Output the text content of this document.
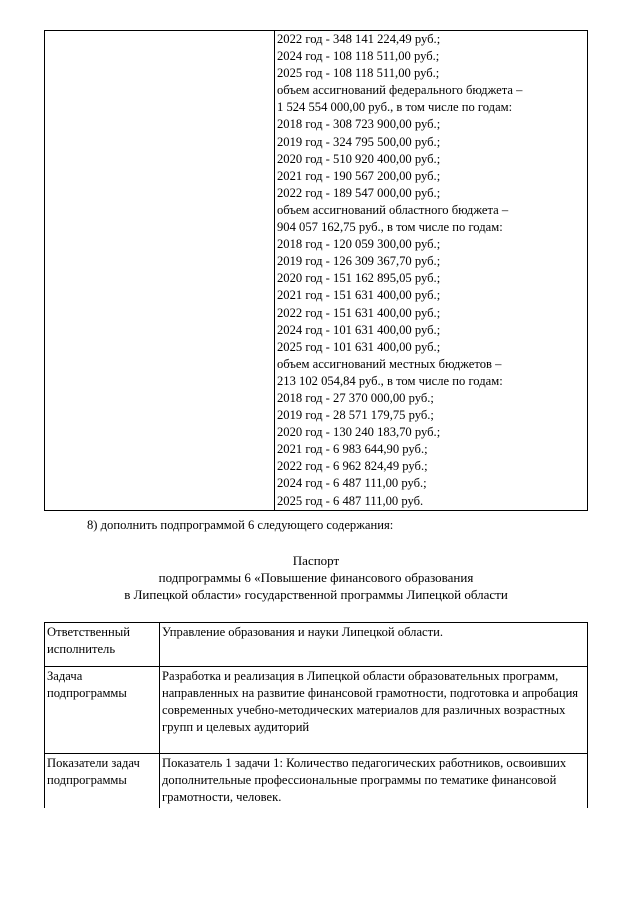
2022 год - 348 141 224,49 руб.;
2024 год - 108 118 511,00 руб.;
2025 год - 108 118 511,00 руб.;
объем ассигнований федерального бюджета –
1 524 554 000,00 руб., в том числе по годам:
2018 год - 308 723 900,00 руб.;
2019 год - 324 795 500,00 руб.;
2020 год - 510 920 400,00 руб.;
2021 год - 190 567 200,00 руб.;
2022 год - 189 547 000,00 руб.;
объем ассигнований областного бюджета –
904 057 162,75 руб., в том числе по годам:
2018 год - 120 059 300,00 руб.;
2019 год - 126 309 367,70 руб.;
2020 год - 151 162 895,05 руб.;
2021 год - 151 631 400,00 руб.;
2022 год - 151 631 400,00 руб.;
2024 год - 101 631 400,00 руб.;
2025 год - 101 631 400,00 руб.;
объем ассигнований местных бюджетов –
213 102 054,84 руб., в том числе по годам:
2018 год - 27 370 000,00 руб.;
2019 год - 28 571 179,75 руб.;
2020 год - 130 240 183,70 руб.;
2021 год - 6 983 644,90 руб.;
2022 год - 6 962 824,49 руб.;
2024 год - 6 487 111,00 руб.;
2025 год - 6 487 111,00 руб.
8) дополнить подпрограммой 6 следующего содержания:
Паспорт
подпрограммы 6 «Повышение финансового образования
в Липецкой области» государственной программы Липецкой области
Ответственный
исполнитель	Управление образования и науки Липецкой области.

Задача
подпрограммы	Разработка и реализация в Липецкой области образовательных программ, направленных на развитие финансовой грамотности, подготовка и апробация современных учебно-методических материалов для различных возрастных групп и целевых аудиторий

Показатели задач
подпрограммы	Показатель 1 задачи 1: Количество педагогических работников, освоивших дополнительные профессиональные программы по тематике финансовой грамотности, человек.
